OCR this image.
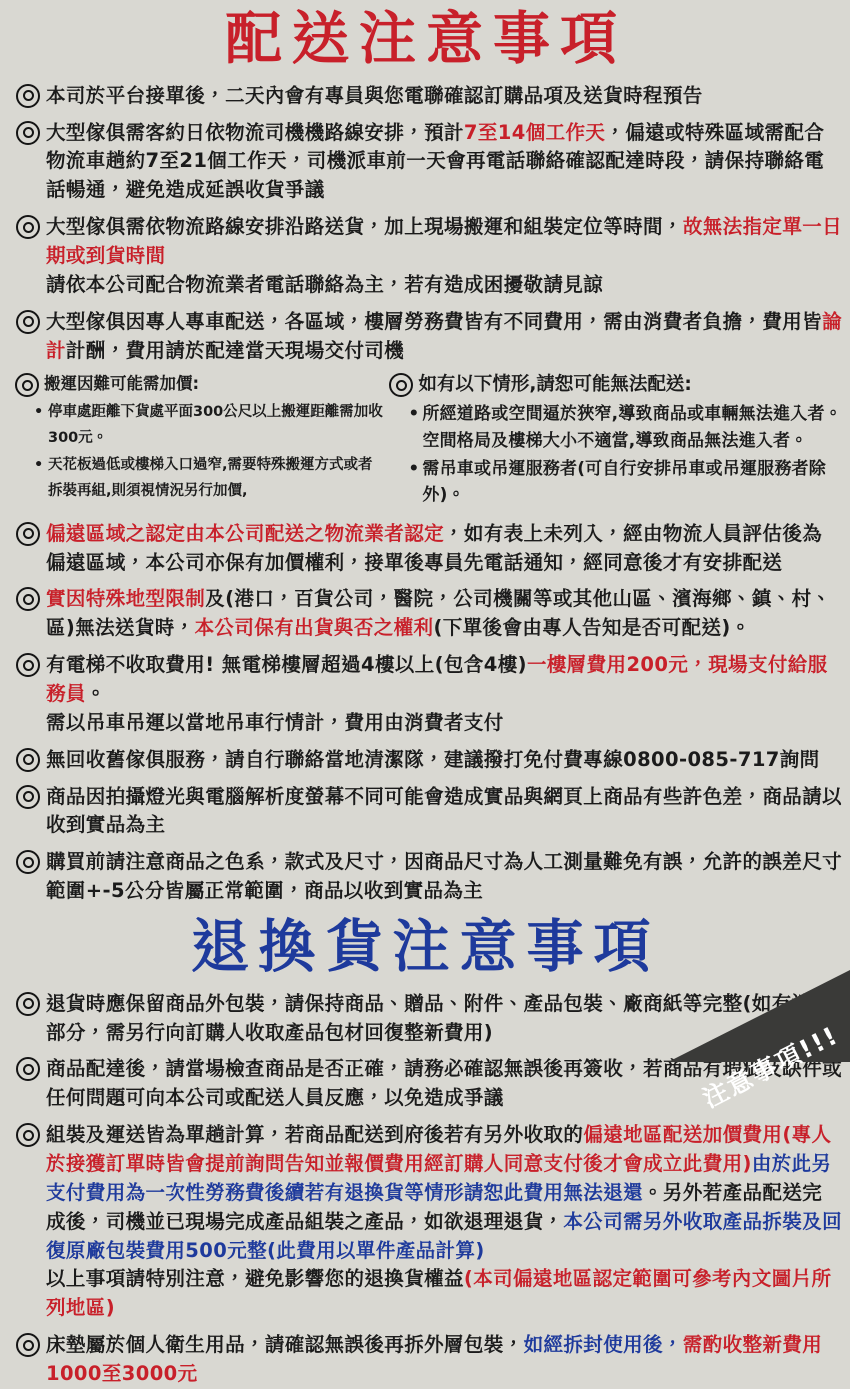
配送注意事項
本司於平台接單後，二天內會有專員與您電聯確認訂購品項及送貨時程預告
大型傢俱需客約日依物流司機機路線安排，預計7至14個工作天，偏遠或特殊區域需配合物流車趟約7至21個工作天，司機派車前一天會再電話聯絡確認配達時段，請保持聯絡電話暢通，避免造成延誤收貨爭議
大型傢俱需依物流路線安排沿路送貨，加上現場搬運和組裝定位等時間，故無法指定單一日期或到貨時間
請依本公司配合物流業者電話聯絡為主，若有造成困擾敬請見諒
大型傢俱因專人專車配送，各區域，樓層勞務費皆有不同費用，需由消費者負擔，費用皆論計計酬，費用請於配達當天現場交付司機
搬運因難可能需加價:
• 停車處距離下貨處平面300公尺以上搬運距離需加收300元。
• 天花板過低或樓梯入口過窄,需要特殊搬運方式或者拆裝再組,則須視情況另行加價,
如有以下情形,請恕可能無法配送:
• 所經道路或空間逼於狹窄,導致商品或車輛無法進入者。空間格局及樓梯大小不適當,導致商品無法進入者。
• 需吊車或吊運服務者(可自行安排吊車或吊運服務者除外)。
偏遠區域之認定由本公司配送之物流業者認定，如有表上未列入，經由物流人員評估後為偏遠區域，本公司亦保有加價權利，接單後專員先電話通知，經同意後才有安排配送
實因特殊地型限制及(港口，百貨公司，醫院，公司機關等或其他山區、濱海鄉、鎮、村、區)無法送貨時，本公司保有出貨與否之權利(下單後會由專人告知是否可配送)。
有電梯不收取費用! 無電梯樓層超過4樓以上(包含4樓)一樓層費用200元，現場支付給服務員。
需以吊車吊運以當地吊車行情計，費用由消費者支付
無回收舊傢俱服務，請自行聯絡當地清潔隊，建議撥打免付費專線0800-085-717詢問
商品因拍攝燈光與電腦解析度螢幕不同可能會造成實品與網頁上商品有些許色差，商品請以收到實品為主
購買前請注意商品之色系，款式及尺寸，因商品尺寸為人工測量難免有誤，允許的誤差尺寸範圍+-5公分皆屬正常範圍，商品以收到實品為主
退換貨注意事項
退貨時應保留商品外包裝，請保持商品、贈品、附件、產品包裝、廠商紙等完整(如有遺失部分，需另行向訂購人收取產品包材回復整新費用)
商品配達後，請當場檢查商品是否正確，請務必確認無誤後再簽收，若商品有瑕疵及缺件或任何問題可向本公司或配送人員反應，以免造成爭議
組裝及運送皆為單趟計算，若商品配送到府後若有另外收取的偏遠地區配送加價費用(專人於接獲訂單時皆會提前詢問告知並報價費用經訂購人同意支付後才會成立此費用)由於此另支付費用為一次性勞務費後續若有退換貨等情形請恕此費用無法退還。另外若產品配送完成後，司機並已現場完成產品組裝之產品，如欲退理退貨，本公司需另外收取產品拆裝及回復原廠包裝費用500元整(此費用以單件產品計算)
以上事項請特別注意，避免影響您的退換貨權益(本司偏遠地區認定範圍可參考內文圖片所列地區)
床墊屬於個人衛生用品，請確認無誤後再拆外層包裝，如經拆封使用後，需酌收整新費用1000至3000元
注意事項!!!
